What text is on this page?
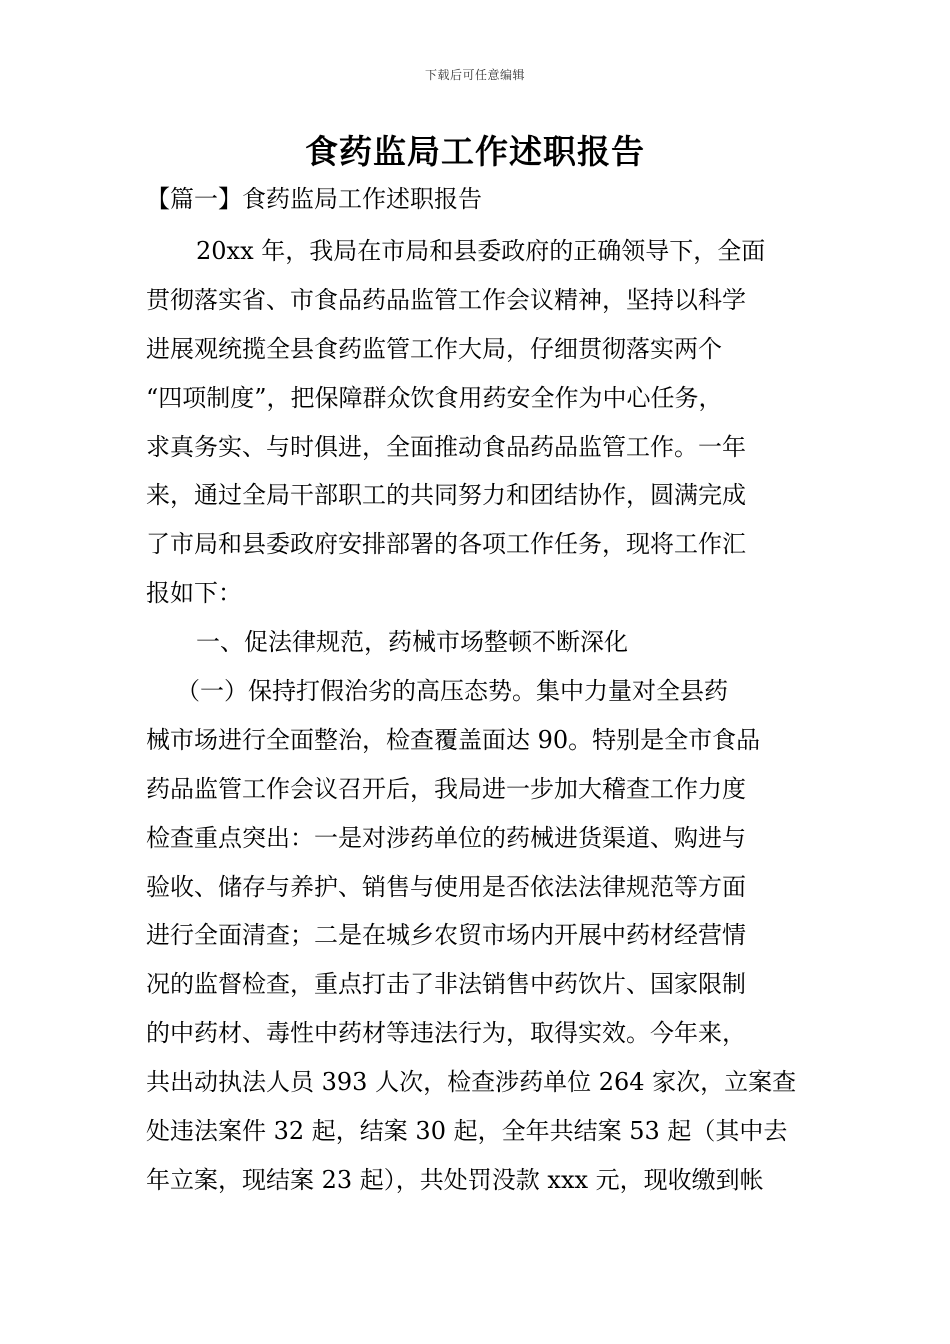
下载后可任意编辑
食药监局工作述职报告
【篇一】食药监局工作述职报告
20xx 年，我局在市局和县委政府的正确领导下，全面
贯彻落实省、市食品药品监管工作会议精神，坚持以科学
进展观统揽全县食药监管工作大局，仔细贯彻落实两个
“四项制度”，把保障群众饮食用药安全作为中心任务，
求真务实、与时俱进，全面推动食品药品监管工作。一年
来，通过全局干部职工的共同努力和团结协作，圆满完成
了市局和县委政府安排部署的各项工作任务，现将工作汇
报如下：
一、促法律规范，药械市场整顿不断深化
（一）保持打假治劣的高压态势。集中力量对全县药
械市场进行全面整治，检查覆盖面达 90。特别是全市食品
药品监管工作会议召开后，我局进一步加大稽查工作力度
检查重点突出：一是对涉药单位的药械进货渠道、购进与
验收、储存与养护、销售与使用是否依法法律规范等方面
进行全面清查；二是在城乡农贸市场内开展中药材经营情
况的监督检查，重点打击了非法销售中药饮片、国家限制
的中药材、毒性中药材等违法行为，取得实效。今年来，
共出动执法人员 393 人次，检查涉药单位 264 家次，立案查
处违法案件 32 起，结案 30 起，全年共结案 53 起（其中去
年立案，现结案 23 起），共处罚没款 xxx 元，现收缴到帐
